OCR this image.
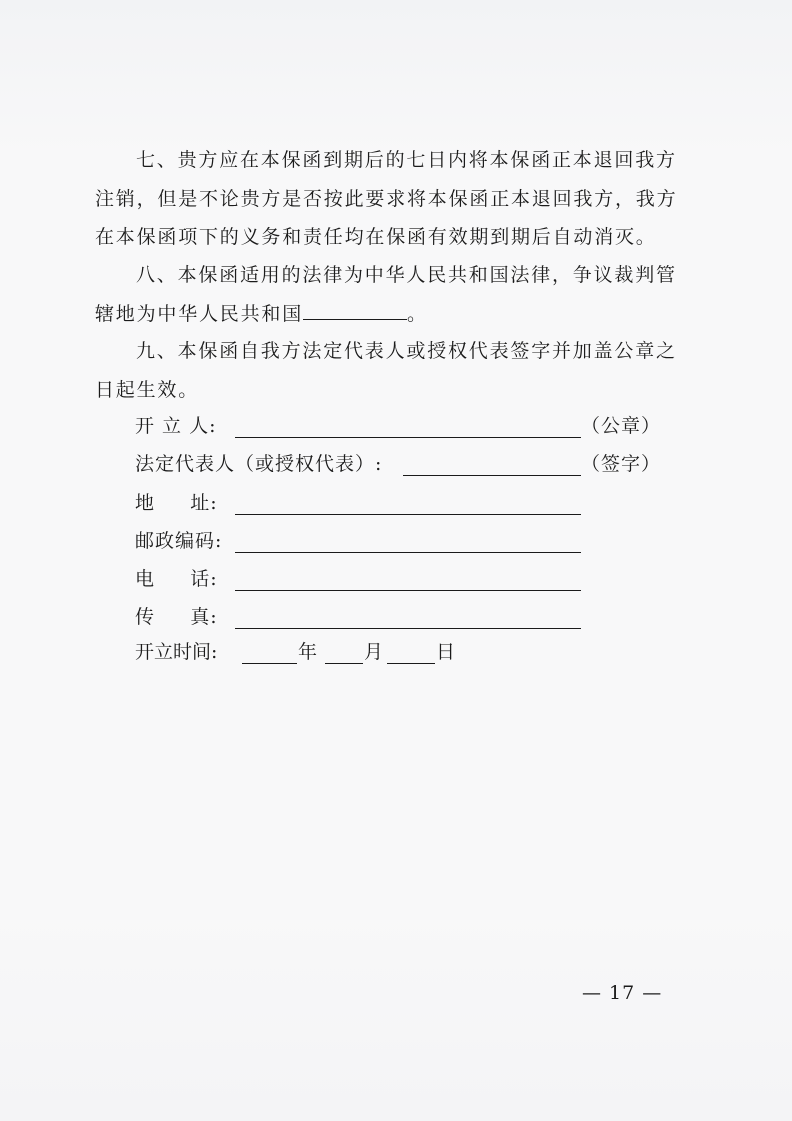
七、贵方应在本保函到期后的七日内将本保函正本退回我方注销，但是不论贵方是否按此要求将本保函正本退回我方，我方在本保函项下的义务和责任均在保函有效期到期后自动消灭。

八、本保函适用的法律为中华人民共和国法律，争议裁判管辖地为中华人民共和国	。

九、本保函自我方法定代表人或授权代表签字并加盖公章之日起生效。

开 立 人:	（公章）
法定代表人（或授权代表）:	（签字）
地     址:
邮政编码:
电     话:
传     真:
开立时间:	年 月	日
— 17 —
